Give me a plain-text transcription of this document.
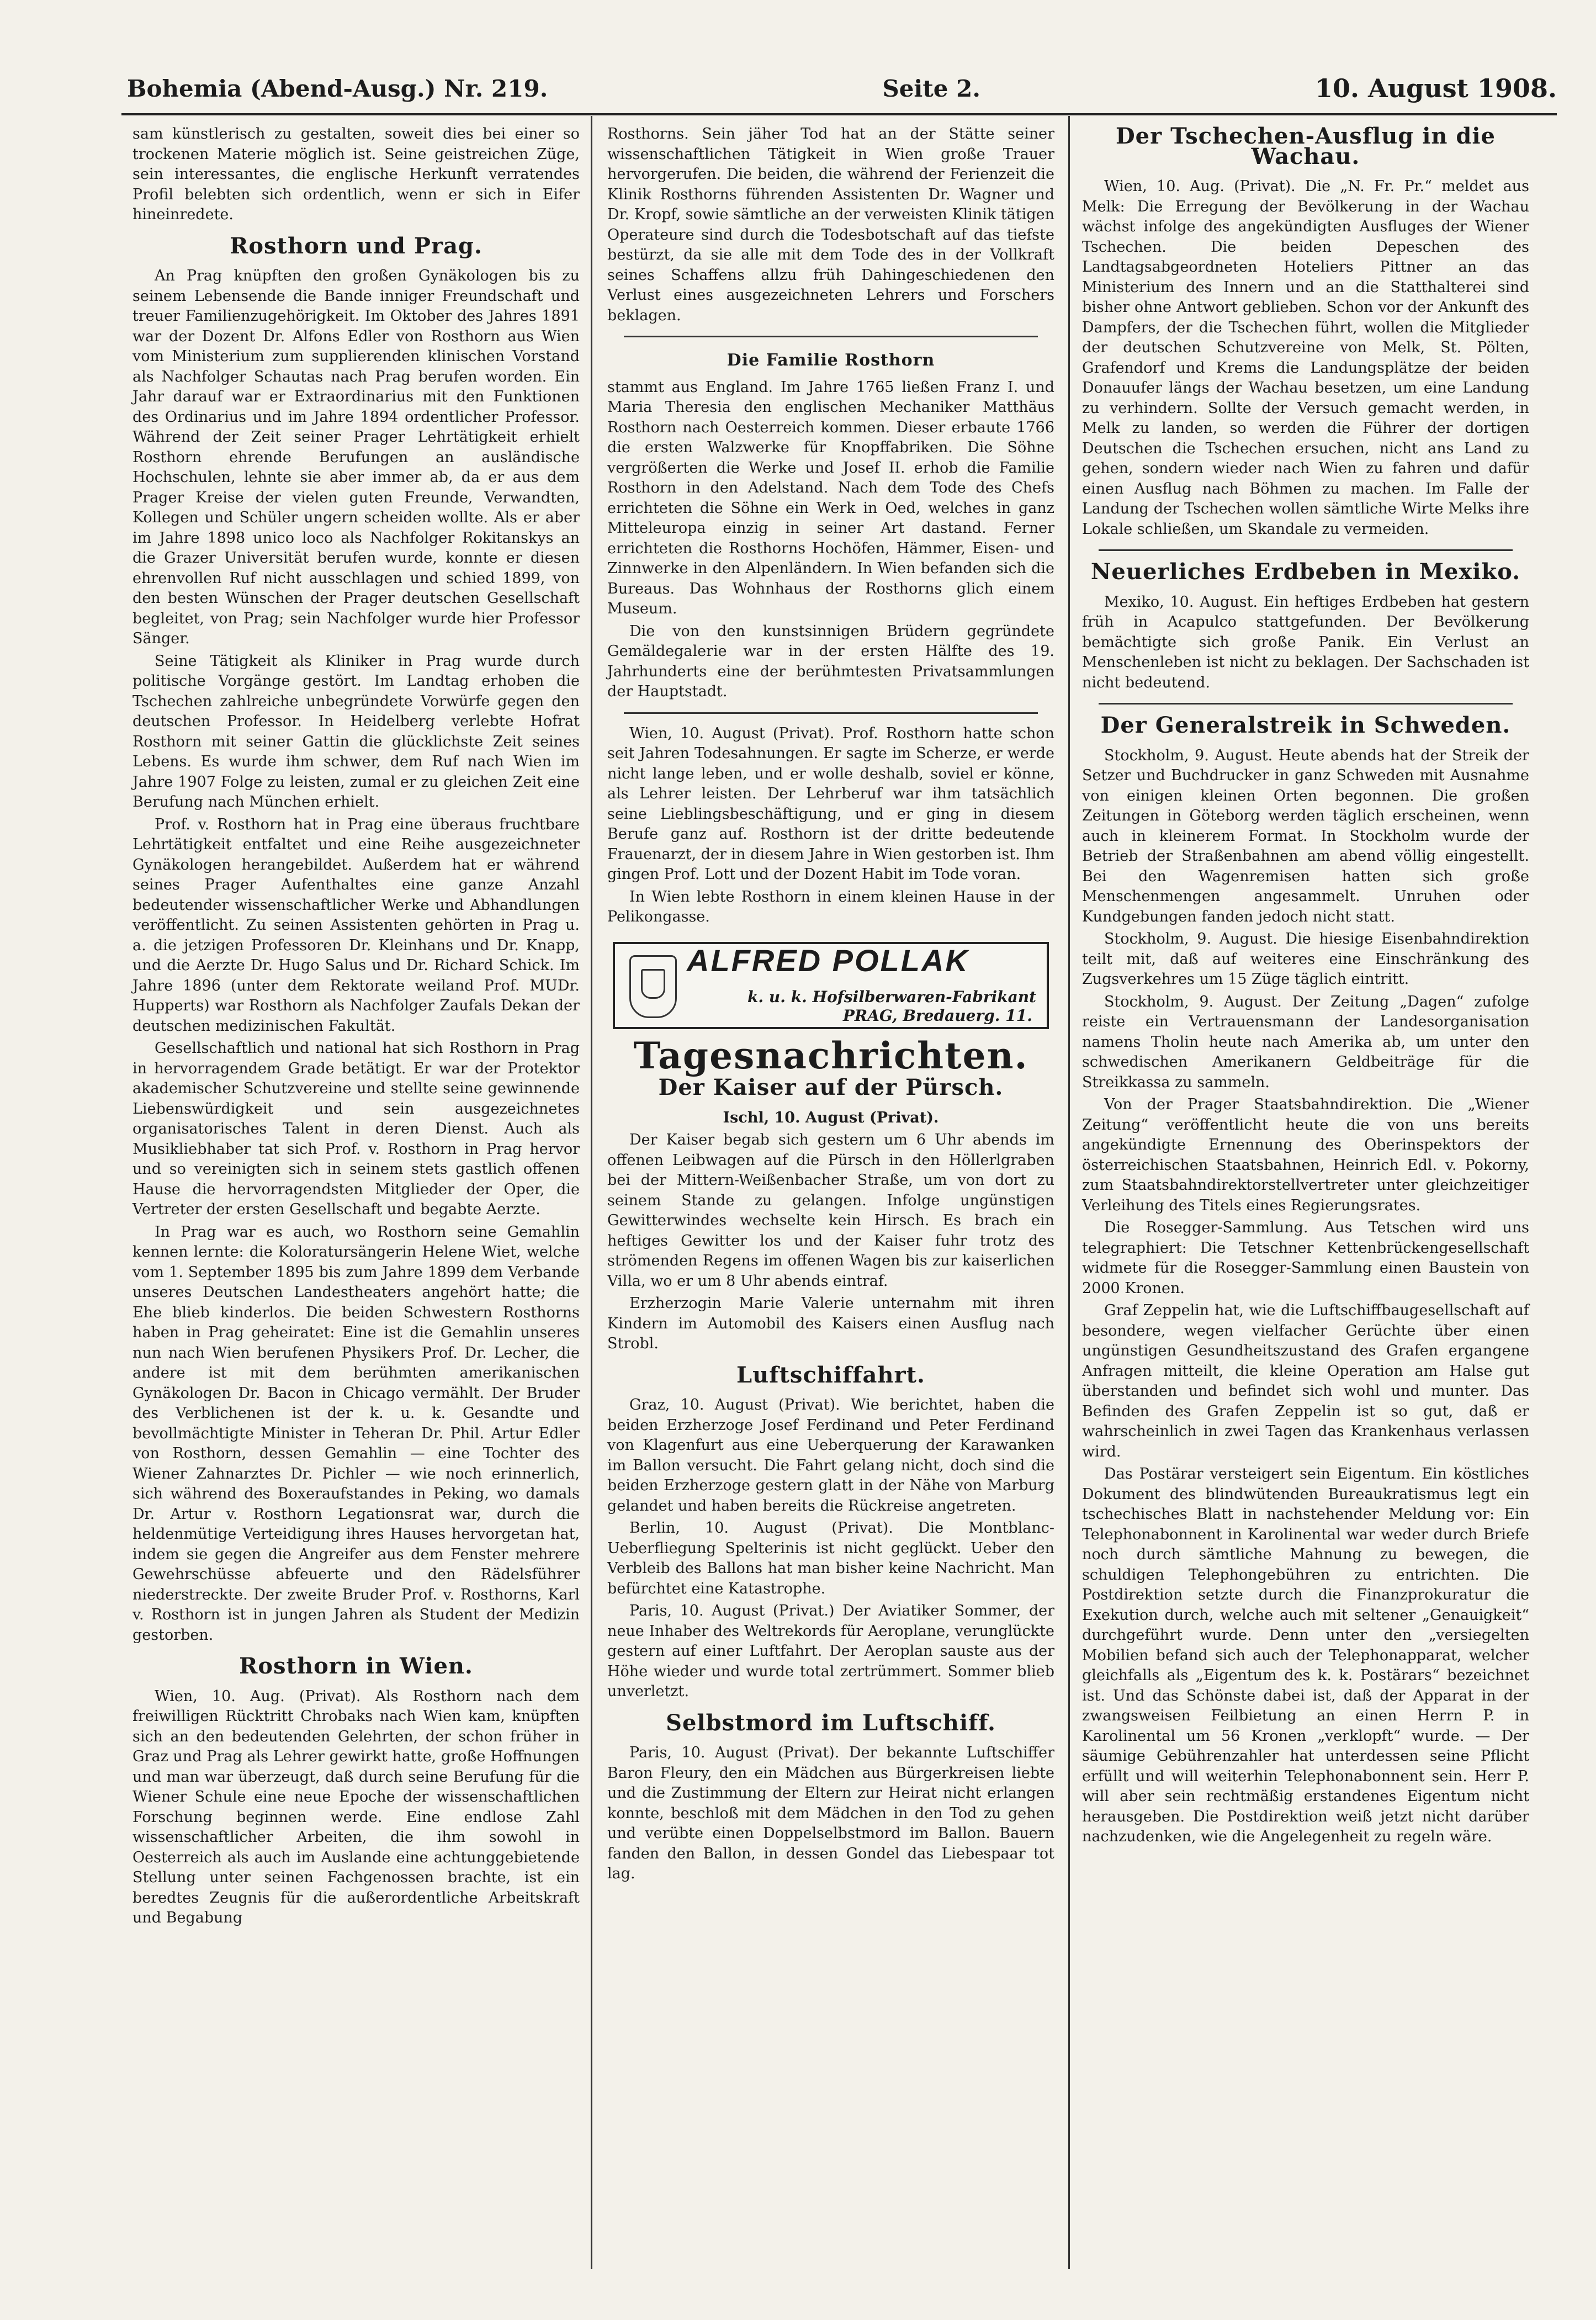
Bohemia (Abend-Ausg.) Nr. 219.	Seite 2.	10. August 1908.

sam künstlerisch zu gestalten, soweit dies bei einer so trockenen Materie möglich ist. Seine geistreichen Züge, sein interessantes, die englische Herkunft verratendes Profil belebten sich ordentlich, wenn er sich in Eifer hineinredete.

Rosthorn und Prag.

An Prag knüpften den großen Gynäkologen bis zu seinem Lebensende die Bande inniger Freundschaft und treuer Familienzugehörigkeit. Im Oktober des Jahres 1891 war der Dozent Dr. Alfons Edler von Rosthorn aus Wien vom Ministerium zum supplierenden klinischen Vorstand als Nachfolger Schautas nach Prag berufen worden. Ein Jahr darauf war er Extraordinarius mit den Funktionen des Ordinarius und im Jahre 1894 ordentlicher Professor. Während der Zeit seiner Prager Lehrtätigkeit erhielt Rosthorn ehrende Berufungen an ausländische Hochschulen, lehnte sie aber immer ab, da er aus dem Prager Kreise der vielen guten Freunde, Verwandten, Kollegen und Schüler ungern scheiden wollte. Als er aber im Jahre 1898 unico loco als Nachfolger Rokitanskys an die Grazer Universität berufen wurde, konnte er diesen ehrenvollen Ruf nicht ausschlagen und schied 1899, von den besten Wünschen der Prager deutschen Gesellschaft begleitet, von Prag; sein Nachfolger wurde hier Professor Sänger.

Seine Tätigkeit als Kliniker in Prag wurde durch politische Vorgänge gestört. Im Landtag erhoben die Tschechen zahlreiche unbegründete Vorwürfe gegen den deutschen Professor. In Heidelberg verlebte Hofrat Rosthorn mit seiner Gattin die glücklichste Zeit seines Lebens. Es wurde ihm schwer, dem Ruf nach Wien im Jahre 1907 Folge zu leisten, zumal er zu gleichen Zeit eine Berufung nach München erhielt.

Prof. v. Rosthorn hat in Prag eine überaus fruchtbare Lehrtätigkeit entfaltet und eine Reihe ausgezeichneter Gynäkologen herangebildet. Außerdem hat er während seines Prager Aufenthaltes eine ganze Anzahl bedeutender wissenschaftlicher Werke und Abhandlungen veröffentlicht. Zu seinen Assistenten gehörten in Prag u. a. die jetzigen Professoren Dr. Kleinhans und Dr. Knapp, und die Aerzte Dr. Hugo Salus und Dr. Richard Schick. Im Jahre 1896 (unter dem Rektorate weiland Prof. MUDr. Hupperts) war Rosthorn als Nachfolger Zaufals Dekan der deutschen medizinischen Fakultät.

Gesellschaftlich und national hat sich Rosthorn in Prag in hervorragendem Grade betätigt. Er war der Protektor akademischer Schutzvereine und stellte seine gewinnende Liebenswürdigkeit und sein ausgezeichnetes organisatorisches Talent in deren Dienst. Auch als Musikliebhaber tat sich Prof. v. Rosthorn in Prag hervor und so vereinigten sich in seinem stets gastlich offenen Hause die hervorragendsten Mitglieder der Oper, die Vertreter der ersten Gesellschaft und begabte Aerzte.

In Prag war es auch, wo Rosthorn seine Gemahlin kennen lernte: die Koloratursängerin Helene Wiet, welche vom 1. September 1895 bis zum Jahre 1899 dem Verbande unseres Deutschen Landestheaters angehört hatte; die Ehe blieb kinderlos. Die beiden Schwestern Rosthorns haben in Prag geheiratet: Eine ist die Gemahlin unseres nun nach Wien berufenen Physikers Prof. Dr. Lecher, die andere ist mit dem berühmten amerikanischen Gynäkologen Dr. Bacon in Chicago vermählt. Der Bruder des Verblichenen ist der k. u. k. Gesandte und bevollmächtigte Minister in Teheran Dr. Phil. Artur Edler von Rosthorn, dessen Gemahlin — eine Tochter des Wiener Zahnarztes Dr. Pichler — wie noch erinnerlich, sich während des Boxeraufstandes in Peking, wo damals Dr. Artur v. Rosthorn Legationsrat war, durch die heldenmütige Verteidigung ihres Hauses hervorgetan hat, indem sie gegen die Angreifer aus dem Fenster mehrere Gewehrschüsse abfeuerte und den Rädelsführer niederstreckte. Der zweite Bruder Prof. v. Rosthorns, Karl v. Rosthorn ist in jungen Jahren als Student der Medizin gestorben.

Rosthorn in Wien.

Wien, 10. Aug. (Privat). Als Rosthorn nach dem freiwilligen Rücktritt Chrobaks nach Wien kam, knüpften sich an den bedeutenden Gelehrten, der schon früher in Graz und Prag als Lehrer gewirkt hatte, große Hoffnungen und man war überzeugt, daß durch seine Berufung für die Wiener Schule eine neue Epoche der wissenschaftlichen Forschung beginnen werde. Eine endlose Zahl wissenschaftlicher Arbeiten, die ihm sowohl in Oesterreich als auch im Auslande eine achtunggebietende Stellung unter seinen Fachgenossen brachte, ist ein beredtes Zeugnis für die außerordentliche Arbeitskraft und Begabung

Rosthorns. Sein jäher Tod hat an der Stätte seiner wissenschaftlichen Tätigkeit in Wien große Trauer hervorgerufen. Die beiden, die während der Ferienzeit die Klinik Rosthorns führenden Assistenten Dr. Wagner und Dr. Kropf, sowie sämtliche an der verweisten Klinik tätigen Operateure sind durch die Todesbotschaft auf das tiefste bestürzt, da sie alle mit dem Tode des in der Vollkraft seines Schaffens allzu früh Dahingeschiedenen den Verlust eines ausgezeichneten Lehrers und Forschers beklagen.

Die Familie Rosthorn

stammt aus England. Im Jahre 1765 ließen Franz I. und Maria Theresia den englischen Mechaniker Matthäus Rosthorn nach Oesterreich kommen. Dieser erbaute 1766 die ersten Walzwerke für Knopffabriken. Die Söhne vergrößerten die Werke und Josef II. erhob die Familie Rosthorn in den Adelstand. Nach dem Tode des Chefs errichteten die Söhne ein Werk in Oed, welches in ganz Mitteleuropa einzig in seiner Art dastand. Ferner errichteten die Rosthorns Hochöfen, Hämmer, Eisen- und Zinnwerke in den Alpenländern. In Wien befanden sich die Bureaus. Das Wohnhaus der Rosthorns glich einem Museum.

Die von den kunstsinnigen Brüdern gegründete Gemäldegalerie war in der ersten Hälfte des 19. Jahrhunderts eine der berühmtesten Privatsammlungen der Hauptstadt.

Wien, 10. August (Privat). Prof. Rosthorn hatte schon seit Jahren Todesahnungen. Er sagte im Scherze, er werde nicht lange leben, und er wolle deshalb, soviel er könne, als Lehrer leisten. Der Lehrberuf war ihm tatsächlich seine Lieblingsbeschäftigung, und er ging in diesem Berufe ganz auf. Rosthorn ist der dritte bedeutende Frauenarzt, der in diesem Jahre in Wien gestorben ist. Ihm gingen Prof. Lott und der Dozent Habit im Tode voran.

In Wien lebte Rosthorn in einem kleinen Hause in der Pelikongasse.

ALFRED POLLAK
k. u. k. Hofsilberwaren-Fabrikant
PRAG, Bredauerg. 11.
Tagesnachrichten.
Der Kaiser auf der Pürsch.

Ischl, 10. August (Privat).

Der Kaiser begab sich gestern um 6 Uhr abends im offenen Leibwagen auf die Pürsch in den Höllerlgraben bei der Mittern-Weißenbacher Straße, um von dort zu seinem Stande zu gelangen. Infolge ungünstigen Gewitterwindes wechselte kein Hirsch. Es brach ein heftiges Gewitter los und der Kaiser fuhr trotz des strömenden Regens im offenen Wagen bis zur kaiserlichen Villa, wo er um 8 Uhr abends eintraf.

Erzherzogin Marie Valerie unternahm mit ihren Kindern im Automobil des Kaisers einen Ausflug nach Strobl.

Luftschiffahrt.

Graz, 10. August (Privat). Wie berichtet, haben die beiden Erzherzoge Josef Ferdinand und Peter Ferdinand von Klagenfurt aus eine Ueberquerung der Karawanken im Ballon versucht. Die Fahrt gelang nicht, doch sind die beiden Erzherzoge gestern glatt in der Nähe von Marburg gelandet und haben bereits die Rückreise angetreten.

Berlin, 10. August (Privat). Die Montblanc-Ueberfliegung Spelterinis ist nicht geglückt. Ueber den Verbleib des Ballons hat man bisher keine Nachricht. Man befürchtet eine Katastrophe.

Paris, 10. August (Privat.) Der Aviatiker Sommer, der neue Inhaber des Weltrekords für Aeroplane, verunglückte gestern auf einer Luftfahrt. Der Aeroplan sauste aus der Höhe wieder und wurde total zertrümmert. Sommer blieb unverletzt.

Selbstmord im Luftschiff.

Paris, 10. August (Privat). Der bekannte Luftschiffer Baron Fleury, den ein Mädchen aus Bürgerkreisen liebte und die Zustimmung der Eltern zur Heirat nicht erlangen konnte, beschloß mit dem Mädchen in den Tod zu gehen und verübte einen Doppelselbstmord im Ballon. Bauern fanden den Ballon, in dessen Gondel das Liebespaar tot lag.

Der Tschechen-Ausflug in die Wachau.

Wien, 10. Aug. (Privat). Die „N. Fr. Pr.“ meldet aus Melk: Die Erregung der Bevölkerung in der Wachau wächst infolge des angekündigten Ausfluges der Wiener Tschechen. Die beiden Depeschen des Landtagsabgeordneten Hoteliers Pittner an das Ministerium des Innern und an die Statthalterei sind bisher ohne Antwort geblieben. Schon vor der Ankunft des Dampfers, der die Tschechen führt, wollen die Mitglieder der deutschen Schutzvereine von Melk, St. Pölten, Grafendorf und Krems die Landungsplätze der beiden Donauufer längs der Wachau besetzen, um eine Landung zu verhindern. Sollte der Versuch gemacht werden, in Melk zu landen, so werden die Führer der dortigen Deutschen die Tschechen ersuchen, nicht ans Land zu gehen, sondern wieder nach Wien zu fahren und dafür einen Ausflug nach Böhmen zu machen. Im Falle der Landung der Tschechen wollen sämtliche Wirte Melks ihre Lokale schließen, um Skandale zu vermeiden.

Neuerliches Erdbeben in Mexiko.

Mexiko, 10. August. Ein heftiges Erdbeben hat gestern früh in Acapulco stattgefunden. Der Bevölkerung bemächtigte sich große Panik. Ein Verlust an Menschenleben ist nicht zu beklagen. Der Sachschaden ist nicht bedeutend.

Der Generalstreik in Schweden.

Stockholm, 9. August. Heute abends hat der Streik der Setzer und Buchdrucker in ganz Schweden mit Ausnahme von einigen kleinen Orten begonnen. Die großen Zeitungen in Göteborg werden täglich erscheinen, wenn auch in kleinerem Format. In Stockholm wurde der Betrieb der Straßenbahnen am abend völlig eingestellt. Bei den Wagenremisen hatten sich große Menschenmengen angesammelt. Unruhen oder Kundgebungen fanden jedoch nicht statt.

Stockholm, 9. August. Die hiesige Eisenbahndirektion teilt mit, daß auf weiteres eine Einschränkung des Zugsverkehres um 15 Züge täglich eintritt.

Stockholm, 9. August. Der Zeitung „Dagen“ zufolge reiste ein Vertrauensmann der Landesorganisation namens Tholin heute nach Amerika ab, um unter den schwedischen Amerikanern Geldbeiträge für die Streikkassa zu sammeln.

Von der Prager Staatsbahndirektion. Die „Wiener Zeitung“ veröffentlicht heute die von uns bereits angekündigte Ernennung des Oberinspektors der österreichischen Staatsbahnen, Heinrich Edl. v. Pokorny, zum Staatsbahndirektorstellvertreter unter gleichzeitiger Verleihung des Titels eines Regierungsrates.

Die Rosegger-Sammlung. Aus Tetschen wird uns telegraphiert: Die Tetschner Kettenbrückengesellschaft widmete für die Rosegger-Sammlung einen Baustein von 2000 Kronen.

Graf Zeppelin hat, wie die Luftschiffbaugesellschaft auf besondere, wegen vielfacher Gerüchte über einen ungünstigen Gesundheitszustand des Grafen ergangene Anfragen mitteilt, die kleine Operation am Halse gut überstanden und befindet sich wohl und munter. Das Befinden des Grafen Zeppelin ist so gut, daß er wahrscheinlich in zwei Tagen das Krankenhaus verlassen wird.

Das Postärar versteigert sein Eigentum. Ein köstliches Dokument des blindwütenden Bureaukratismus legt ein tschechisches Blatt in nachstehender Meldung vor: Ein Telephonabonnent in Karolinental war weder durch Briefe noch durch sämtliche Mahnung zu bewegen, die schuldigen Telephongebühren zu entrichten. Die Postdirektion setzte durch die Finanzprokuratur die Exekution durch, welche auch mit seltener „Genauigkeit“ durchgeführt wurde. Denn unter den „versiegelten Mobilien befand sich auch der Telephonapparat, welcher gleichfalls als „Eigentum des k. k. Postärars“ bezeichnet ist. Und das Schönste dabei ist, daß der Apparat in der zwangsweisen Feilbietung an einen Herrn P. in Karolinental um 56 Kronen „verklopft“ wurde. — Der säumige Gebührenzahler hat unterdessen seine Pflicht erfüllt und will weiterhin Telephonabonnent sein. Herr P. will aber sein rechtmäßig erstandenes Eigentum nicht herausgeben. Die Postdirektion weiß jetzt nicht darüber nachzudenken, wie die Angelegenheit zu regeln wäre.
